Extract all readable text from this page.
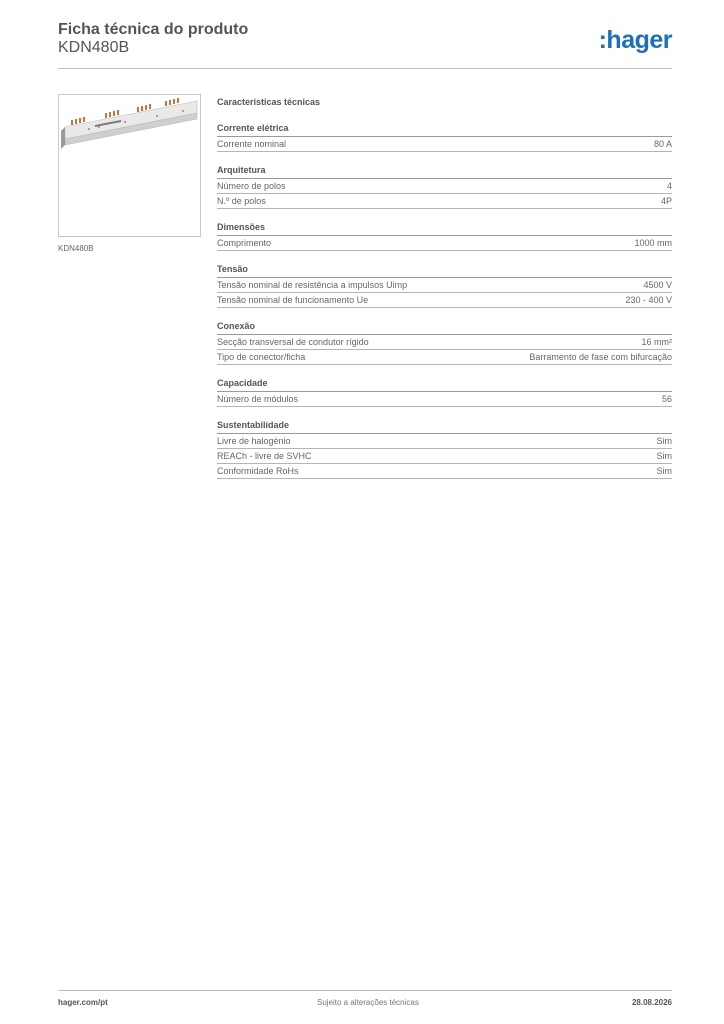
Ficha técnica do produto
KDN480B	:hager
KDN480B
Características técnicas
Corrente elétrica
Corrente nominal	80 A
Arquitetura
Número de polos	4
N.º de polos	4P
Dimensões
Comprimento	1000 mm
Tensão
Tensão nominal de resistência a impulsos Uimp	4500 V
Tensão nominal de funcionamento Ue	230 - 400 V
Conexão
Secção transversal de condutor rígido	16 mm²
Tipo de conector/ficha	Barramento de fase com bifurcação
Capacidade
Número de módulos	56
Sustentabilidade
Livre de halogénio	Sim
REACh - livre de SVHC	Sim
Conformidade RoHs	Sim
hager.com/pt	Sujeito a alterações técnicas	28.08.2026
